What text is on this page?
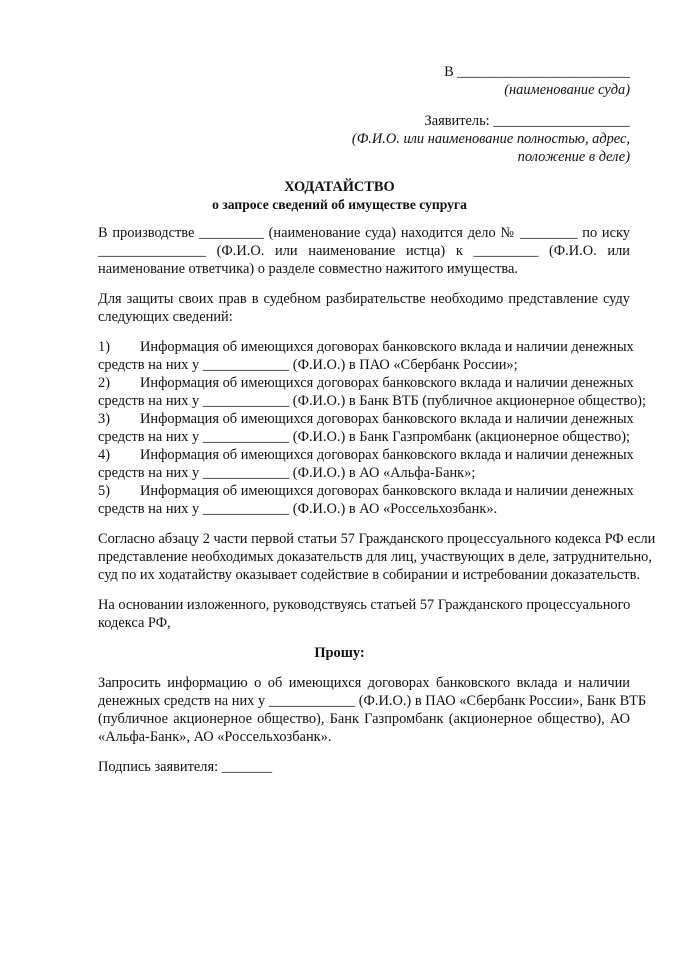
В ________________________
(наименование суда)
Заявитель: ___________________
(Ф.И.О. или наименование полностью, адрес,
положение в деле)
ХОДАТАЙСТВО
о запросе сведений об имуществе супруга
В производстве _________ (наименование суда) находится дело № ________ по иску
_______________ (Ф.И.О. или наименование истца) к _________ (Ф.И.О. или
наименование ответчика) о разделе совместно нажитого имущества.
Для защиты своих прав в судебном разбирательстве необходимо представление суду
следующих сведений:
1) Информация об имеющихся договорах банковского вклада и наличии денежных
средств на них у ____________ (Ф.И.О.) в ПАО «Сбербанк России»;
2) Информация об имеющихся договорах банковского вклада и наличии денежных
средств на них у ____________ (Ф.И.О.) в Банк ВТБ (публичное акционерное общество);
3) Информация об имеющихся договорах банковского вклада и наличии денежных
средств на них у ____________ (Ф.И.О.) в Банк Газпромбанк (акционерное общество);
4) Информация об имеющихся договорах банковского вклада и наличии денежных
средств на них у ____________ (Ф.И.О.) в АО «Альфа-Банк»;
5) Информация об имеющихся договорах банковского вклада и наличии денежных
средств на них у ____________ (Ф.И.О.) в АО «Россельхозбанк».
Согласно абзацу 2 части первой статьи 57 Гражданского процессуального кодекса РФ если
представление необходимых доказательств для лиц, участвующих в деле, затруднительно,
суд по их ходатайству оказывает содействие в собирании и истребовании доказательств.
На основании изложенного, руководствуясь статьей 57 Гражданского процессуального
кодекса РФ,
Прошу:
Запросить информацию о об имеющихся договорах банковского вклада и наличии
денежных средств на них у ____________ (Ф.И.О.) в ПАО «Сбербанк России», Банк ВТБ
(публичное акционерное общество), Банк Газпромбанк (акционерное общество), АО
«Альфа-Банк», АО «Россельхозбанк».
Подпись заявителя: _______
